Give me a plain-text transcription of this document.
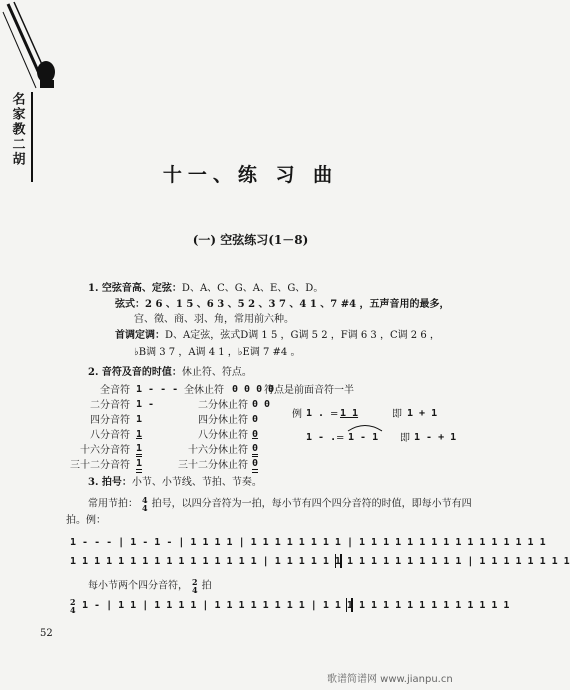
名家教二胡
十一、练 习 曲
(一) 空弦练习(1－8)
1. 空弦音高、定弦：D、A、C、G、A、E、G、D。
弦式：2 6 、1 5 、6 3 、5 2 、3 7 、4 1 、7 #4 ，五声音用的最多，
宫、徵、商、羽、角，常用前六种。
首调定调：D、A定弦，弦式D调 1 5 ，G调 5 2 ，F调 6 3 ，C调 2 6 ，
♭B调 3 7 ，A调 4 1 ，♭E调 7 #4 。
2. 音符及音的时值：休止符、符点。
全音符 1 - - - 全休止符 0 0 0 0
二分音符 1 -	二分休止符 0 0
四分音符 1	四分休止符 0
八分音符 1	八分休止符 0
十六分音符 1	十六分休止符 0
三十二分音符 1	三十二分休止符 0
符点是前面音符一半
例 1 . = 1 1	即 1 + 1
1 - . = 1 - 1 即 1 - + 1
3. 拍号：小节、小节线、节拍、节奏。
常用节拍： 4
4 拍号，以四分音符为一拍，每小节有四个四分音符的时值，即每小节有四
拍。例：
1 - - - | 1 - 1 - | 1 1 1 1 | 1 1 1 1 1 1 1 1 | 1 1 1 1 1 1 1 1 1 1 1 1 1 1 1 1
1 1 1 1 1 1 1 1 1 1 1 1 1 1 1 1 | 1 1 1 1 1 1 1 1 1 1 1 1 1 1 1 1 | 1 1 1 1 1 1 1 1
每小节两个四分音符， 2
4 拍
2
4 1 - | 1 1 | 1 1 1 1 | 1 1 1 1 1 1 1 1 | 1 1 1 1 1 1 1 1 1 1 1 1 1 1 1 1
52
歌谱简谱网 www.jianpu.cn
